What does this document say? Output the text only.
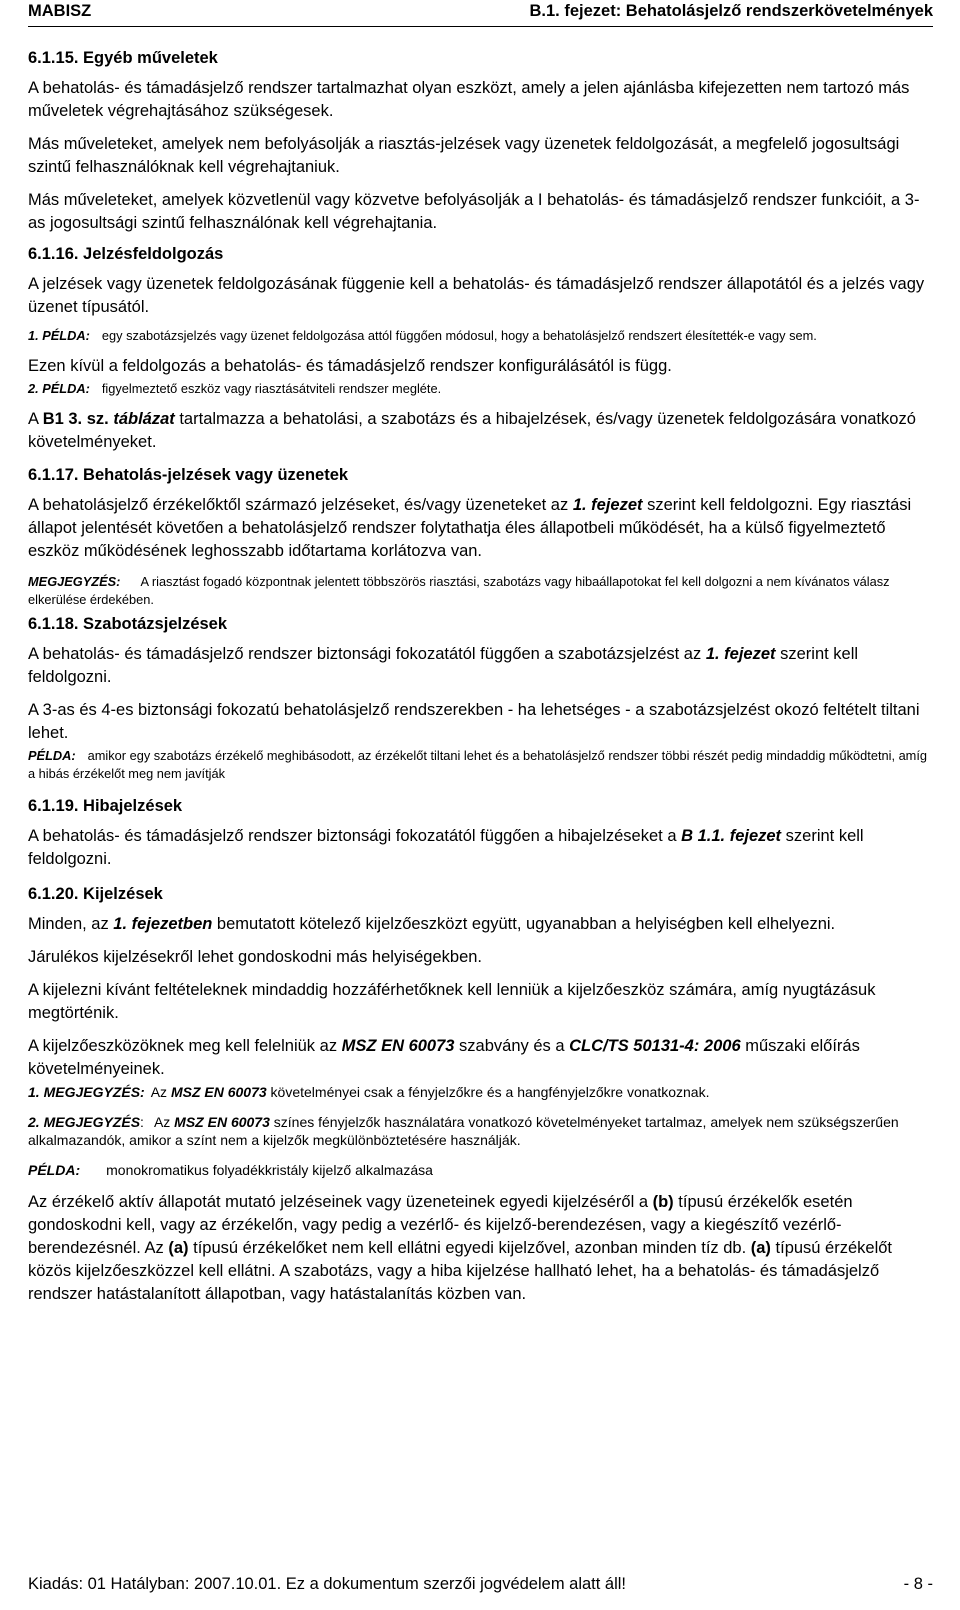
MABISZ	B.1. fejezet: Behatolásjelző rendszerkövetelmények
6.1.15. Egyéb műveletek

A behatolás- és támadásjelző rendszer tartalmazhat olyan eszközt, amely a jelen ajánlásba kifejezetten nem tartozó más műveletek végrehajtásához szükségesek.

Más műveleteket, amelyek nem befolyásolják a riasztás-jelzések vagy üzenetek feldolgozását, a megfelelő jogosultsági szintű felhasználóknak kell végrehajtaniuk.

Más műveleteket, amelyek közvetlenül vagy közvetve befolyásolják a I behatolás- és támadásjelző rendszer funkcióit, a 3-as jogosultsági szintű felhasználónak kell végrehajtania.

6.1.16. Jelzésfeldolgozás

A jelzések vagy üzenetek feldolgozásának függenie kell a behatolás- és támadásjelző rendszer állapotától és a jelzés vagy üzenet típusától.

1. PÉLDA: egy szabotázsjelzés vagy üzenet feldolgozása attól függően módosul, hogy a behatolásjelző rendszert élesítették-e vagy sem.

Ezen kívül a feldolgozás a behatolás- és támadásjelző rendszer konfigurálásától is függ.

2. PÉLDA: figyelmeztető eszköz vagy riasztásátviteli rendszer megléte.

A B1 3. sz. táblázat tartalmazza a behatolási, a szabotázs és a hibajelzések, és/vagy üzenetek feldolgozására vonatkozó követelményeket.

6.1.17. Behatolás-jelzések vagy üzenetek

A behatolásjelző érzékelőktől származó jelzéseket, és/vagy üzeneteket az 1. fejezet szerint kell feldolgozni. Egy riasztási állapot jelentését követően a behatolásjelző rendszer folytathatja éles állapotbeli működését, ha a külső figyelmeztető eszköz működésének leghosszabb időtartama korlátozva van.

MEGJEGYZÉS: A riasztást fogadó központnak jelentett többszörös riasztási, szabotázs vagy hibaállapotokat fel kell dolgozni a nem kívánatos válasz elkerülése érdekében.

6.1.18. Szabotázsjelzések

A behatolás- és támadásjelző rendszer biztonsági fokozatától függően a szabotázsjelzést az 1. fejezet szerint kell feldolgozni.

A 3-as és 4-es biztonsági fokozatú behatolásjelző rendszerekben - ha lehetséges - a szabotázsjelzést okozó feltételt tiltani lehet.

PÉLDA: amikor egy szabotázs érzékelő meghibásodott, az érzékelőt tiltani lehet és a behatolásjelző rendszer többi részét pedig mindaddig működtetni, amíg a hibás érzékelőt meg nem javítják

6.1.19. Hibajelzések

A behatolás- és támadásjelző rendszer biztonsági fokozatától függően a hibajelzéseket a B 1.1. fejezet szerint kell feldolgozni.

6.1.20. Kijelzések

Minden, az 1. fejezetben bemutatott kötelező kijelzőeszközt együtt, ugyanabban a helyiségben kell elhelyezni.

Járulékos kijelzésekről lehet gondoskodni más helyiségekben.

A kijelezni kívánt feltételeknek mindaddig hozzáférhetőknek kell lenniük a kijelzőeszköz számára, amíg nyugtázásuk megtörténik.

A kijelzőeszközöknek meg kell felelniük az MSZ EN 60073 szabvány és a CLC/TS 50131-4: 2006 műszaki előírás követelményeinek.

1. MEGJEGYZÉS: Az MSZ EN 60073 követelményei csak a fényjelzőkre és a hangfényjelzőkre vonatkoznak.

2. MEGJEGYZÉS: Az MSZ EN 60073 színes fényjelzők használatára vonatkozó követelményeket tartalmaz, amelyek nem szükségszerűen alkalmazandók, amikor a színt nem a kijelzők megkülönböztetésére használják.

PÉLDA: monokromatikus folyadékkristály kijelző alkalmazása

Az érzékelő aktív állapotát mutató jelzéseinek vagy üzeneteinek egyedi kijelzéséről a (b) típusú érzékelők esetén gondoskodni kell, vagy az érzékelőn, vagy pedig a vezérlő- és kijelző-berendezésen, vagy a kiegészítő vezérlő- berendezésnél. Az (a) típusú érzékelőket nem kell ellátni egyedi kijelzővel, azonban minden tíz db. (a) típusú érzékelőt közös kijelzőeszközzel kell ellátni. A szabotázs, vagy a hiba kijelzése hallható lehet, ha a behatolás- és támadásjelző rendszer hatástalanított állapotban, vagy hatástalanítás közben van.

Kiadás: 01 Hatályban: 2007.10.01. Ez a dokumentum szerzői jogvédelem alatt áll!	- 8 -
